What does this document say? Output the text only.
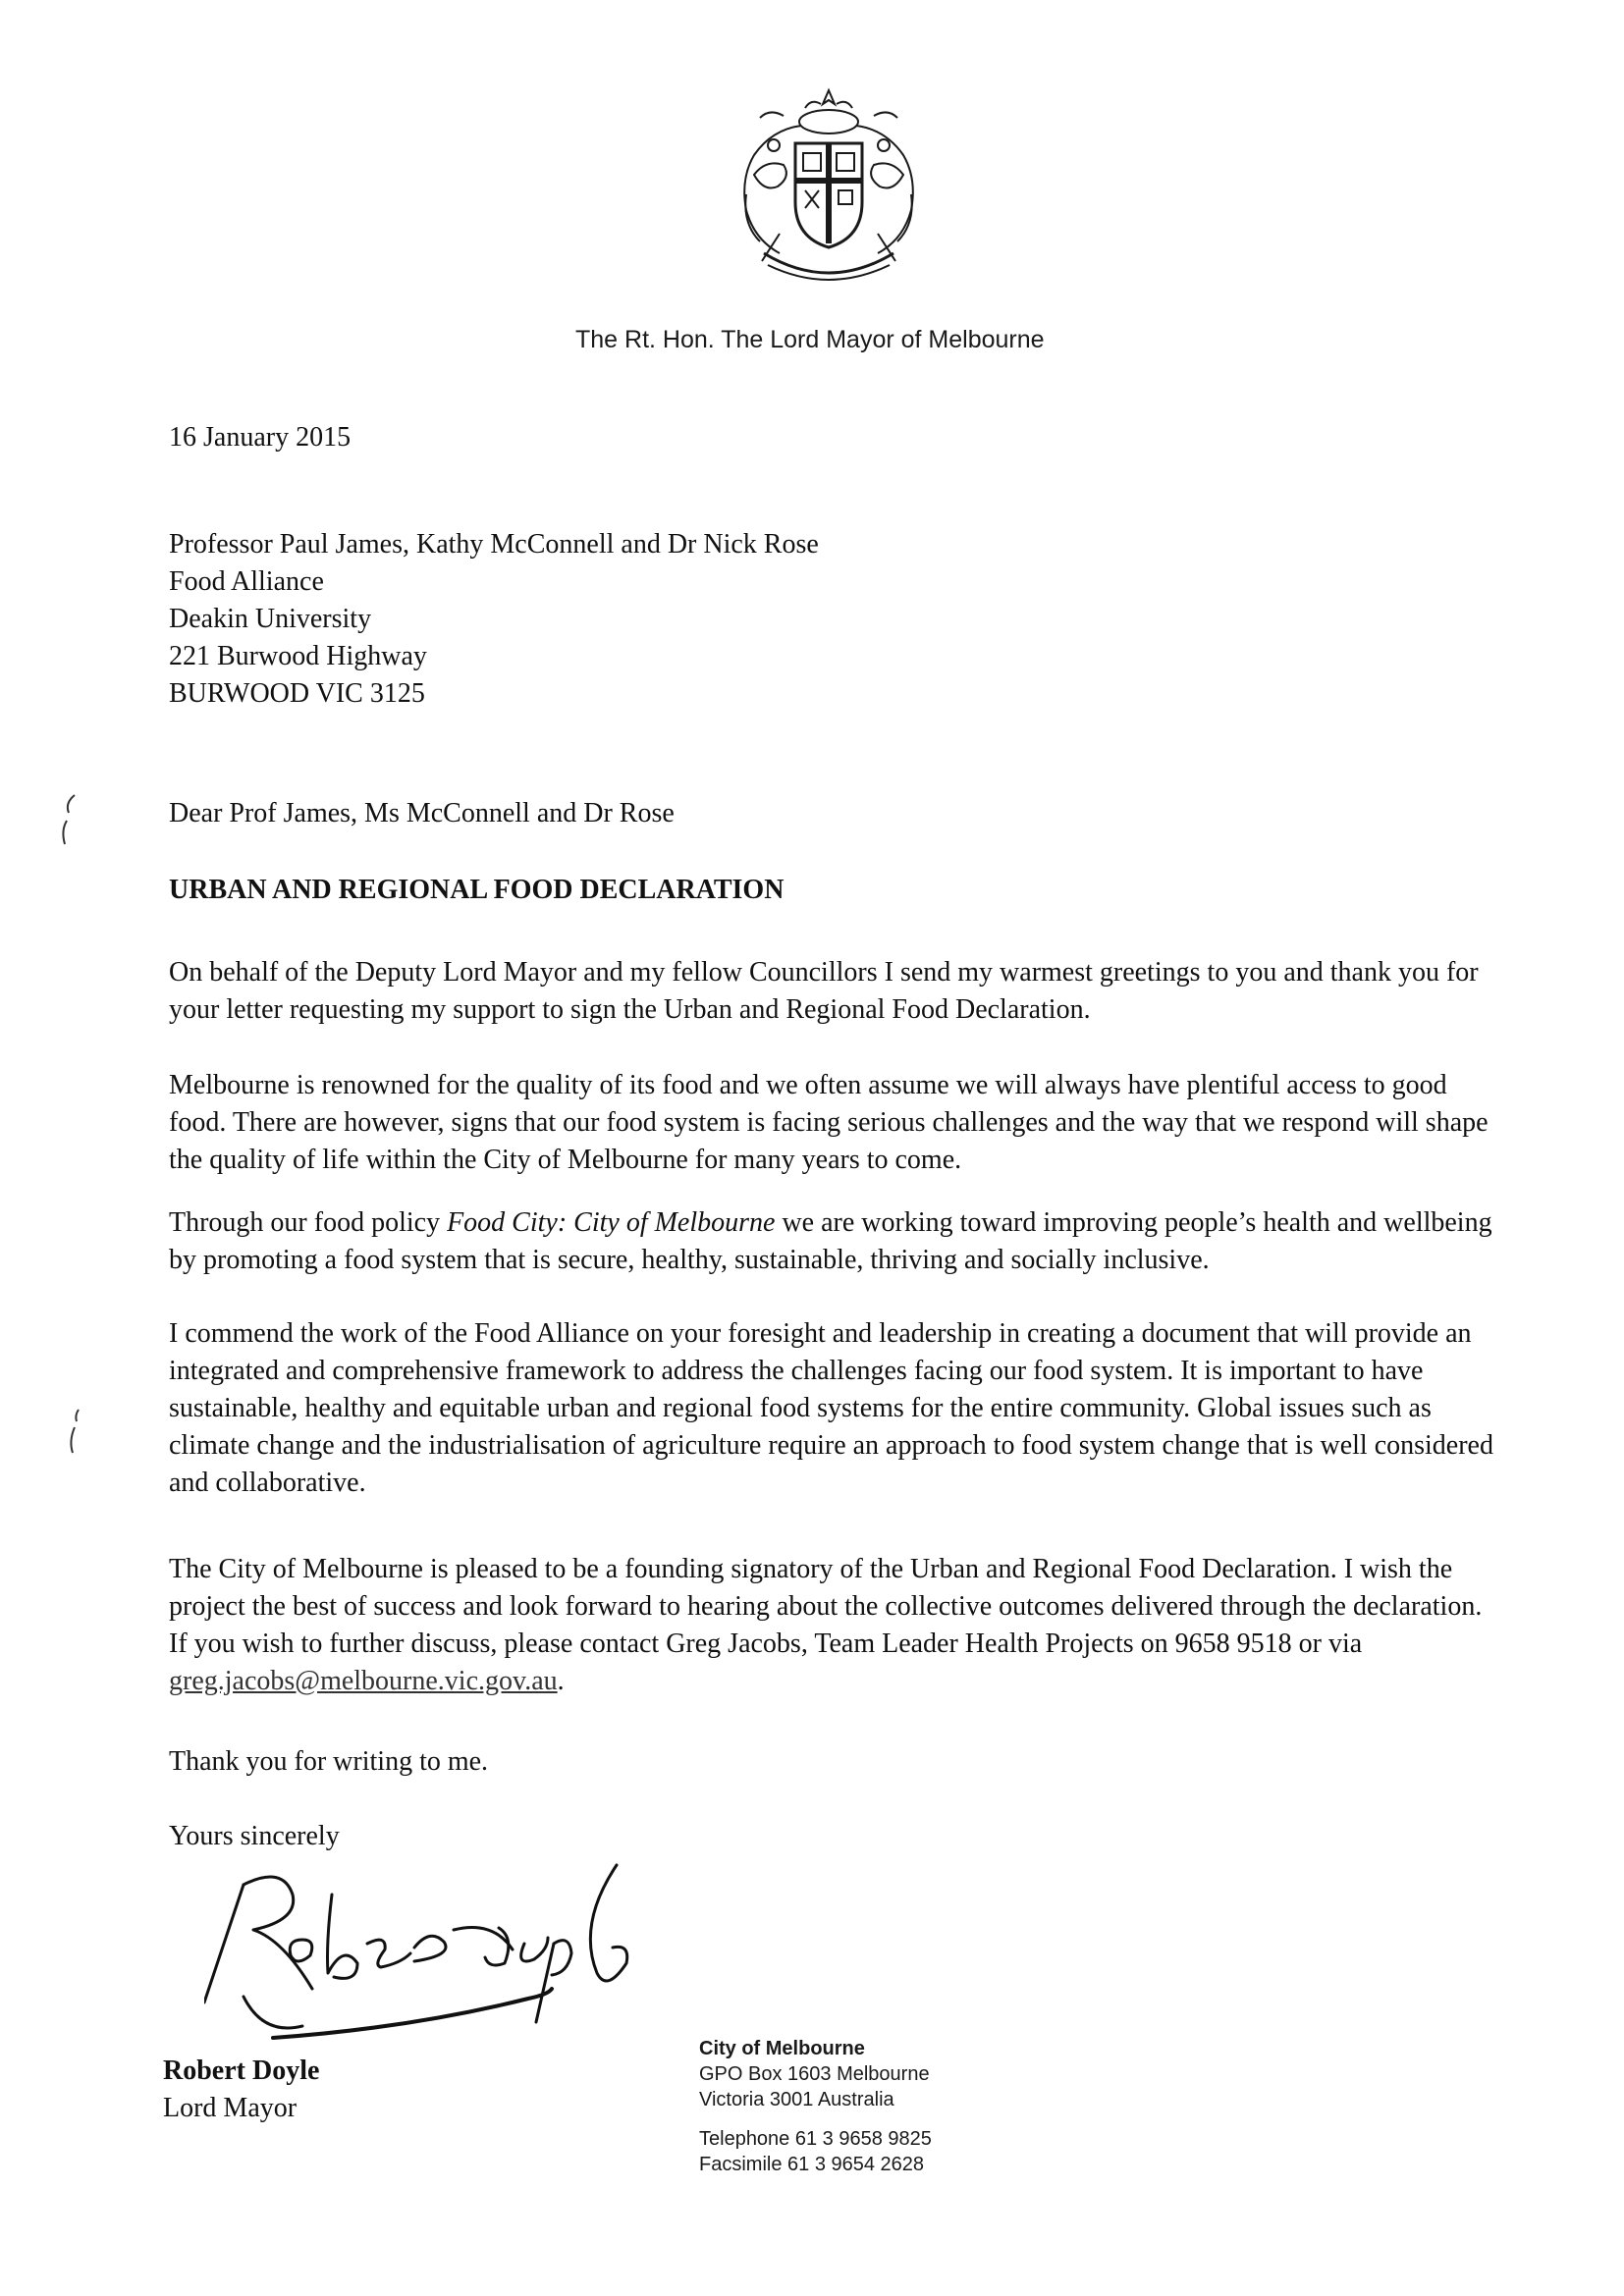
The Rt. Hon. The Lord Mayor of Melbourne
16 January 2015
Professor Paul James, Kathy McConnell and Dr Nick Rose
Food Alliance
Deakin University
221 Burwood Highway
BURWOOD VIC 3125
Dear Prof James, Ms McConnell and Dr Rose
URBAN AND REGIONAL FOOD DECLARATION

On behalf of the Deputy Lord Mayor and my fellow Councillors I send my warmest greetings to you and thank you for your letter requesting my support to sign the Urban and Regional Food Declaration.

Melbourne is renowned for the quality of its food and we often assume we will always have plentiful access to good food. There are however, signs that our food system is facing serious challenges and the way that we respond will shape the quality of life within the City of Melbourne for many years to come.

Through our food policy Food City: City of Melbourne we are working toward improving people’s health and wellbeing by promoting a food system that is secure, healthy, sustainable, thriving and socially inclusive.

I commend the work of the Food Alliance on your foresight and leadership in creating a document that will provide an integrated and comprehensive framework to address the challenges facing our food system. It is important to have sustainable, healthy and equitable urban and regional food systems for the entire community. Global issues such as climate change and the industrialisation of agriculture require an approach to food system change that is well considered and collaborative.

The City of Melbourne is pleased to be a founding signatory of the Urban and Regional Food Declaration. I wish the project the best of success and look forward to hearing about the collective outcomes delivered through the declaration. If you wish to further discuss, please contact Greg Jacobs, Team Leader Health Projects on 9658 9518 or via greg.jacobs@melbourne.vic.gov.au.

Thank you for writing to me.
Yours sincerely
Robert Doyle
Lord Mayor
City of Melbourne
GPO Box 1603 Melbourne
Victoria 3001 Australia
Telephone 61 3 9658 9825
Facsimile 61 3 9654 2628
